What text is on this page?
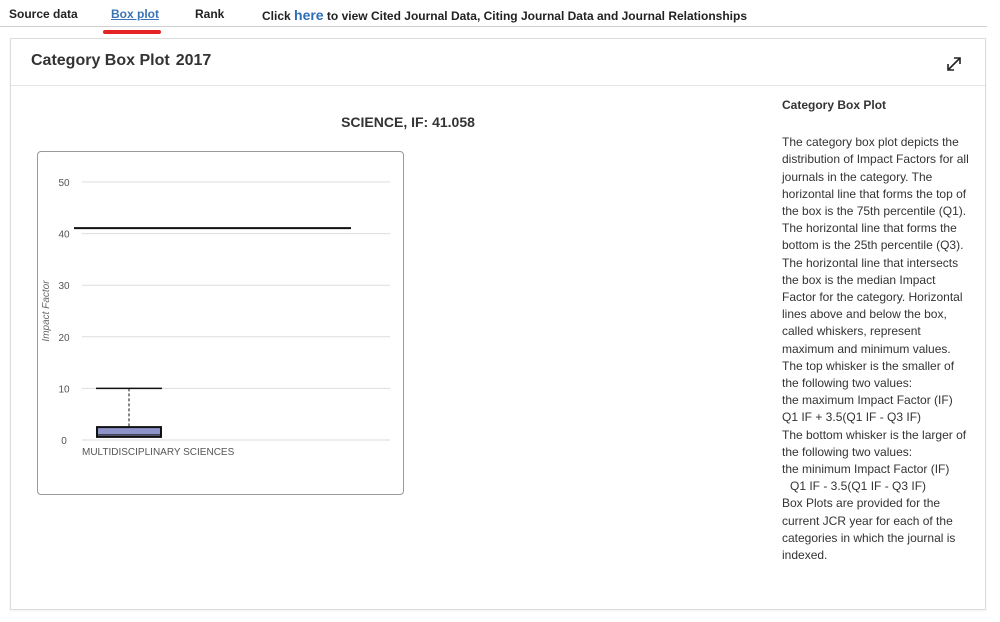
Source data	Box plot	Rank	Click here to view Cited Journal Data, Citing Journal Data and Journal Relationships
Category Box Plot 2017
SCIENCE, IF: 41.058
0
10
20
30
40
50
Impact Factor
MULTIDISCIPLINARY SCIENCES
Category Box Plot

The category box plot depicts the distribution of Impact Factors for all journals in the category. The horizontal line that forms the top of the box is the 75th percentile (Q1). The horizontal line that forms the bottom is the 25th percentile (Q3). The horizontal line that intersects the box is the median Impact Factor for the category. Horizontal lines above and below the box, called whiskers, represent maximum and minimum values.

The top whisker is the smaller of the following two values:

the maximum Impact Factor (IF)

Q1 IF + 3.5(Q1 IF - Q3 IF)

The bottom whisker is the larger of the following two values:

the minimum Impact Factor (IF)

Q1 IF - 3.5(Q1 IF - Q3 IF)

Box Plots are provided for the current JCR year for each of the categories in which the journal is indexed.
